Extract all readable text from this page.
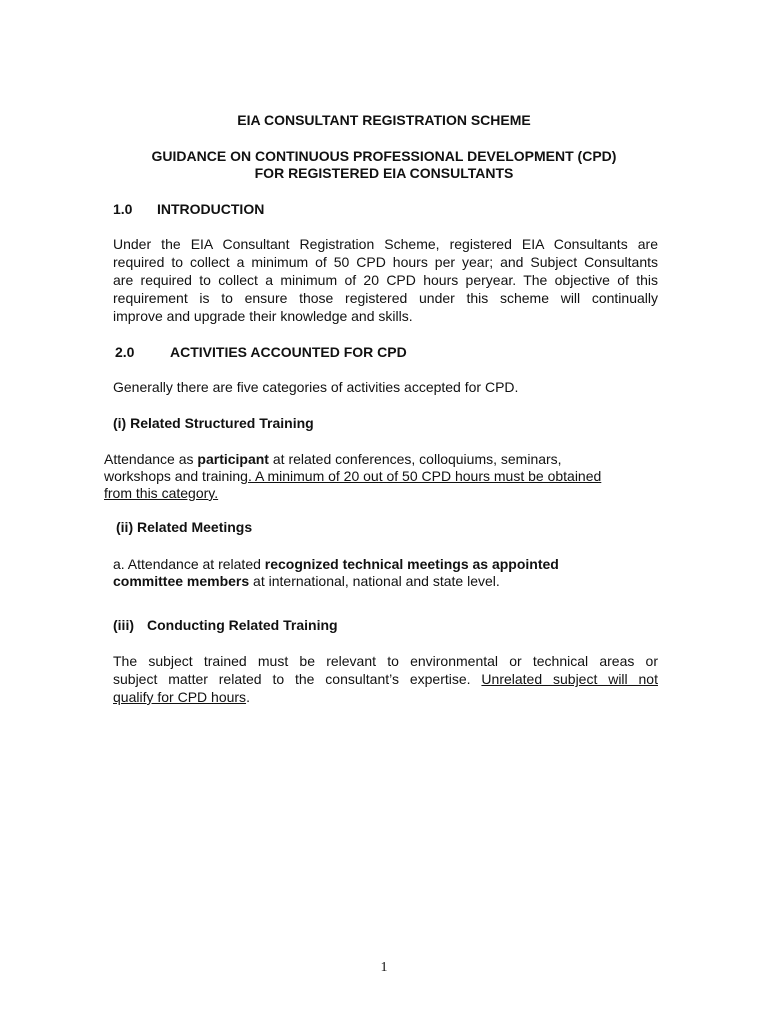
EIA CONSULTANT REGISTRATION SCHEME
GUIDANCE ON CONTINUOUS PROFESSIONAL DEVELOPMENT (CPD)
FOR REGISTERED EIA CONSULTANTS
1.0 INTRODUCTION
Under the EIA Consultant Registration Scheme, registered EIA Consultants are
required to collect a minimum of 50 CPD hours per year; and Subject Consultants
are required to collect a minimum of 20 CPD hours peryear. The objective of this
requirement is to ensure those registered under this scheme will continually
improve and upgrade their knowledge and skills.
2.0	ACTIVITIES ACCOUNTED FOR CPD
Generally there are five categories of activities accepted for CPD.
(i) Related Structured Training
Attendance as participant at related conferences, colloquiums, seminars,
workshops and training. A minimum of 20 out of 50 CPD hours must be obtained
from this category.
(ii) Related Meetings
a. Attendance at related recognized technical meetings as appointed
committee members at international, national and state level.
(iii) Conducting Related Training
The subject trained must be relevant to environmental or technical areas or
subject matter related to the consultant’s expertise. Unrelated subject will not
qualify for CPD hours.
1
